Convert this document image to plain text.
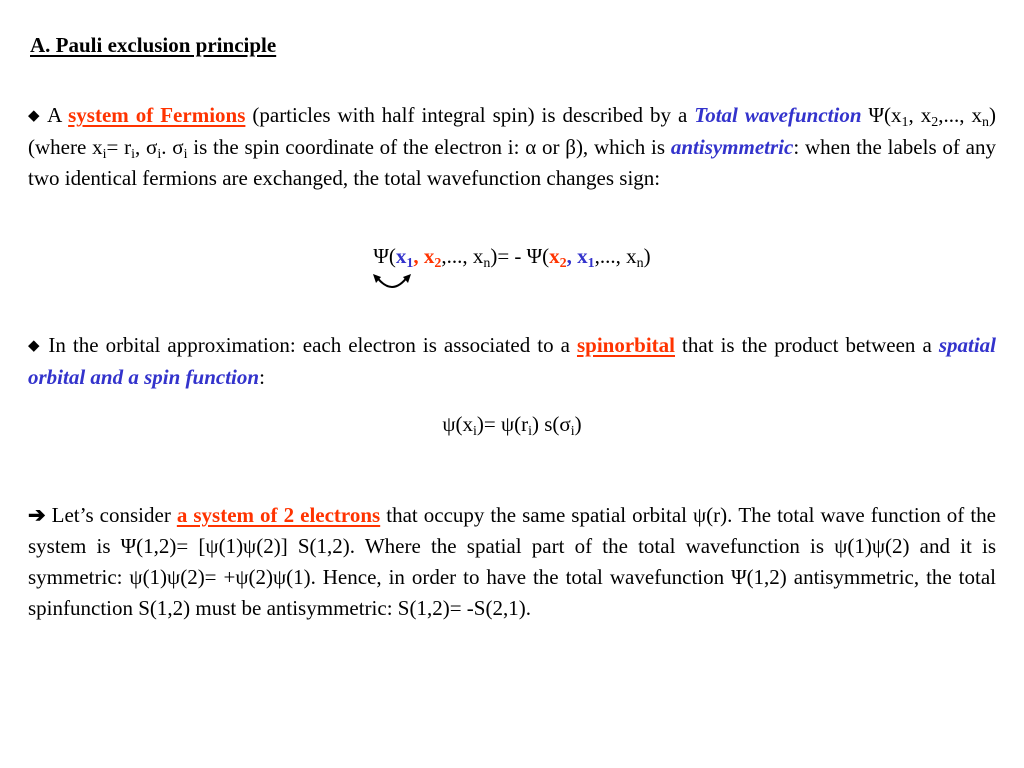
A. Pauli exclusion principle
◆ A system of Fermions (particles with half integral spin) is described by a Total wavefunction $\Psi(x_1$, $x_2$,..., $x_n$) (where $x_i= r_i$, $\sigma_i$. $\sigma_i$ is the spin coordinate of the electron i: α or β), which is antisymmetric: when the labels of any two identical fermions are exchanged, the total wavefunction changes sign:
$\Psi(x_1$, $x_2$,..., $x_n)= - \Psi(x_2$, $x_1$,..., $x_n$)
◆ In the orbital approximation: each electron is associated to a spinorbital that is the product between a spatial orbital and a spin function:
$\psi(x_i)= \psi(r_i)$ $s(\sigma_i)$
➔ Let’s consider a system of 2 electrons that occupy the same spatial orbital ψ(r). The total wave function of the system is Ψ(1,2)= [ψ(1)ψ(2)] S(1,2). Where the spatial part of the total wavefunction is ψ(1)ψ(2) and it is symmetric: ψ(1)ψ(2)= +ψ(2)ψ(1). Hence, in order to have the total wavefunction Ψ(1,2) antisymmetric, the total spinfunction S(1,2) must be antisymmetric: S(1,2)= -S(2,1).
